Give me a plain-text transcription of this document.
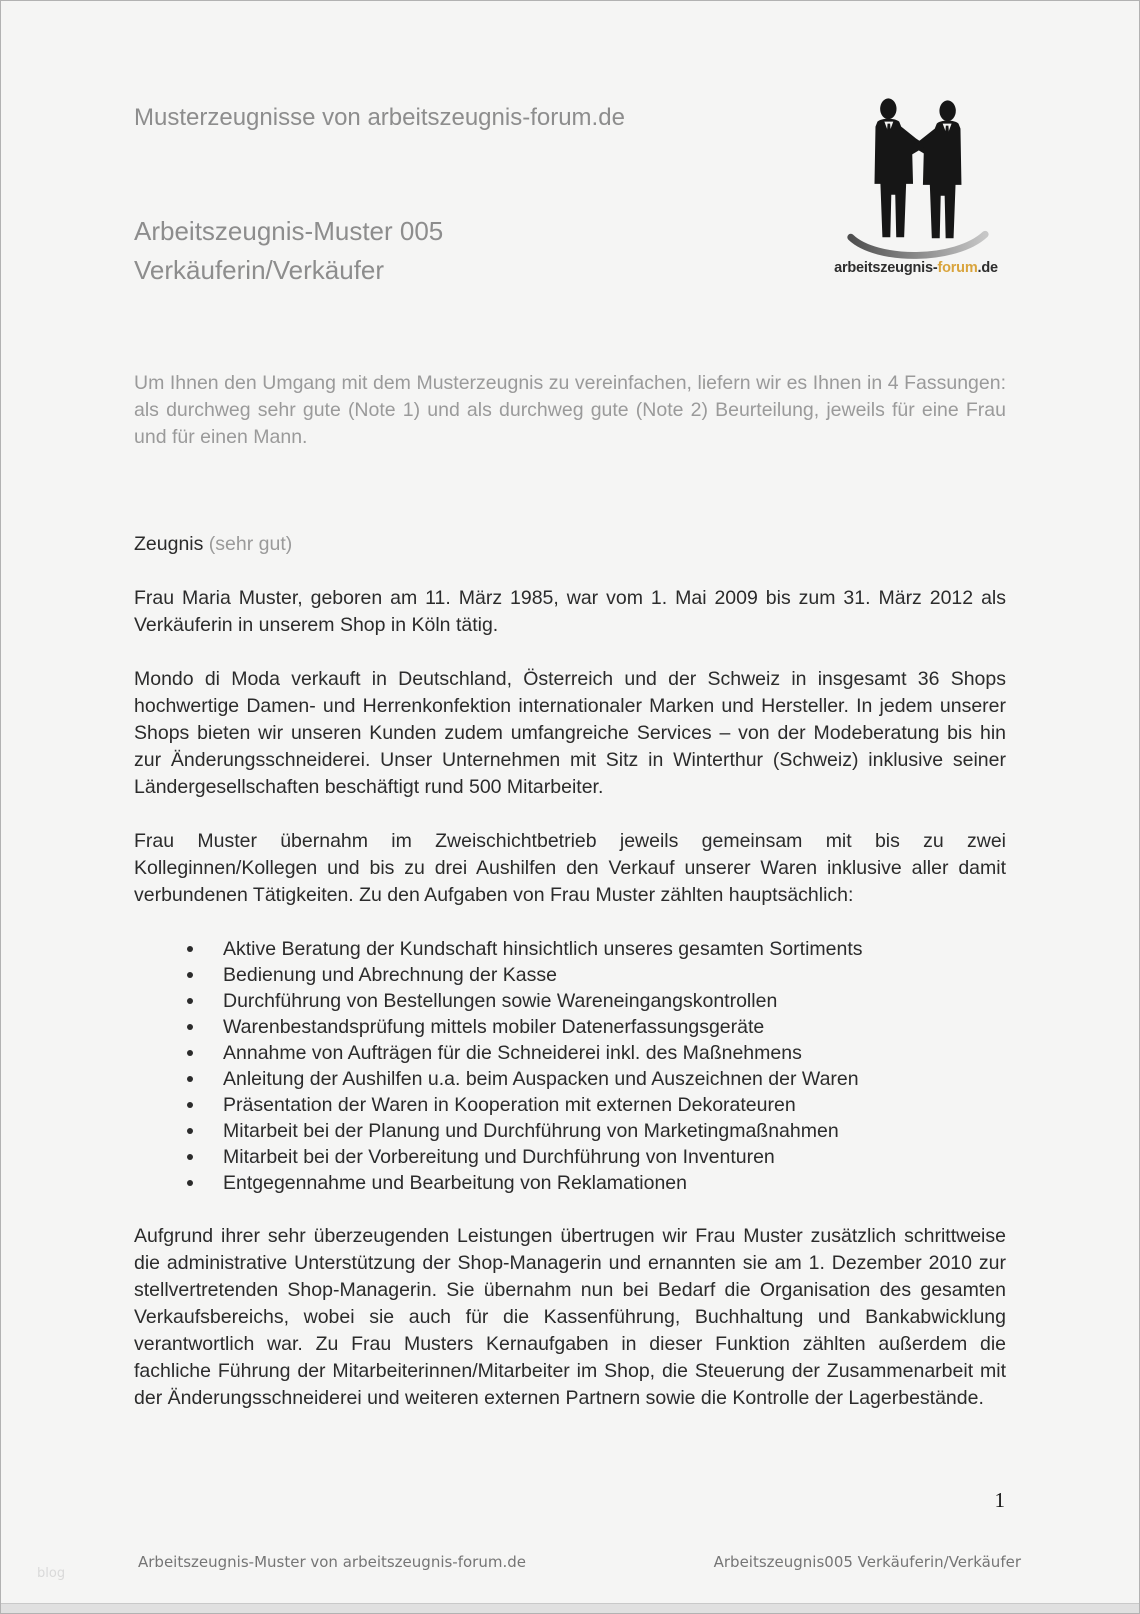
arbeitszeugnis-forum.de
Musterzeugnisse von arbeitszeugnis-forum.de
Arbeitszeugnis-Muster 005
Verkäuferin/Verkäufer

Um Ihnen den Umgang mit dem Musterzeugnis zu vereinfachen, liefern wir es Ihnen in 4 Fassungen: als durchweg sehr gute (Note 1) und als durchweg gute (Note 2) Beurteilung, jeweils für eine Frau und für einen Mann.

Zeugnis (sehr gut)

Frau Maria Muster, geboren am 11. März 1985, war vom 1. Mai 2009 bis zum 31. März 2012 als Verkäuferin in unserem Shop in Köln tätig.

Mondo di Moda verkauft in Deutschland, Österreich und der Schweiz in insgesamt 36 Shops hochwertige Damen- und Herrenkonfektion internationaler Marken und Hersteller. In jedem unserer Shops bieten wir unseren Kunden zudem umfangreiche Services – von der Modeberatung bis hin zur Änderungsschneiderei. Unser Unternehmen mit Sitz in Winterthur (Schweiz) inklusive seiner Ländergesellschaften beschäftigt rund 500 Mitarbeiter.

Frau Muster übernahm im Zweischichtbetrieb jeweils gemeinsam mit bis zu zwei Kolleginnen/Kollegen und bis zu drei Aushilfen den Verkauf unserer Waren inklusive aller damit verbundenen Tätigkeiten. Zu den Aufgaben von Frau Muster zählten hauptsächlich:

Aktive Beratung der Kundschaft hinsichtlich unseres gesamten Sortiments
Bedienung und Abrechnung der Kasse
Durchführung von Bestellungen sowie Wareneingangskontrollen
Warenbestandsprüfung mittels mobiler Datenerfassungsgeräte
Annahme von Aufträgen für die Schneiderei inkl. des Maßnehmens
Anleitung der Aushilfen u.a. beim Auspacken und Auszeichnen der Waren
Präsentation der Waren in Kooperation mit externen Dekorateuren
Mitarbeit bei der Planung und Durchführung von Marketingmaßnahmen
Mitarbeit bei der Vorbereitung und Durchführung von Inventuren
Entgegennahme und Bearbeitung von Reklamationen

Aufgrund ihrer sehr überzeugenden Leistungen übertrugen wir Frau Muster zusätzlich schrittweise die administrative Unterstützung der Shop-Managerin und ernannten sie am 1. Dezember 2010 zur stellvertretenden Shop-Managerin. Sie übernahm nun bei Bedarf die Organisation des gesamten Verkaufsbereichs, wobei sie auch für die Kassenführung, Buchhaltung und Bankabwicklung verantwortlich war. Zu Frau Musters Kernaufgaben in dieser Funktion zählten außerdem die fachliche Führung der Mitarbeiterinnen/Mitarbeiter im Shop, die Steuerung der Zusammenarbeit mit der Änderungsschneiderei und weiteren externen Partnern sowie die Kontrolle der Lagerbestände.

1
Arbeitszeugnis-Muster von arbeitszeugnis-forum.de	Arbeitszeugnis005 Verkäuferin/Verkäufer
blog
